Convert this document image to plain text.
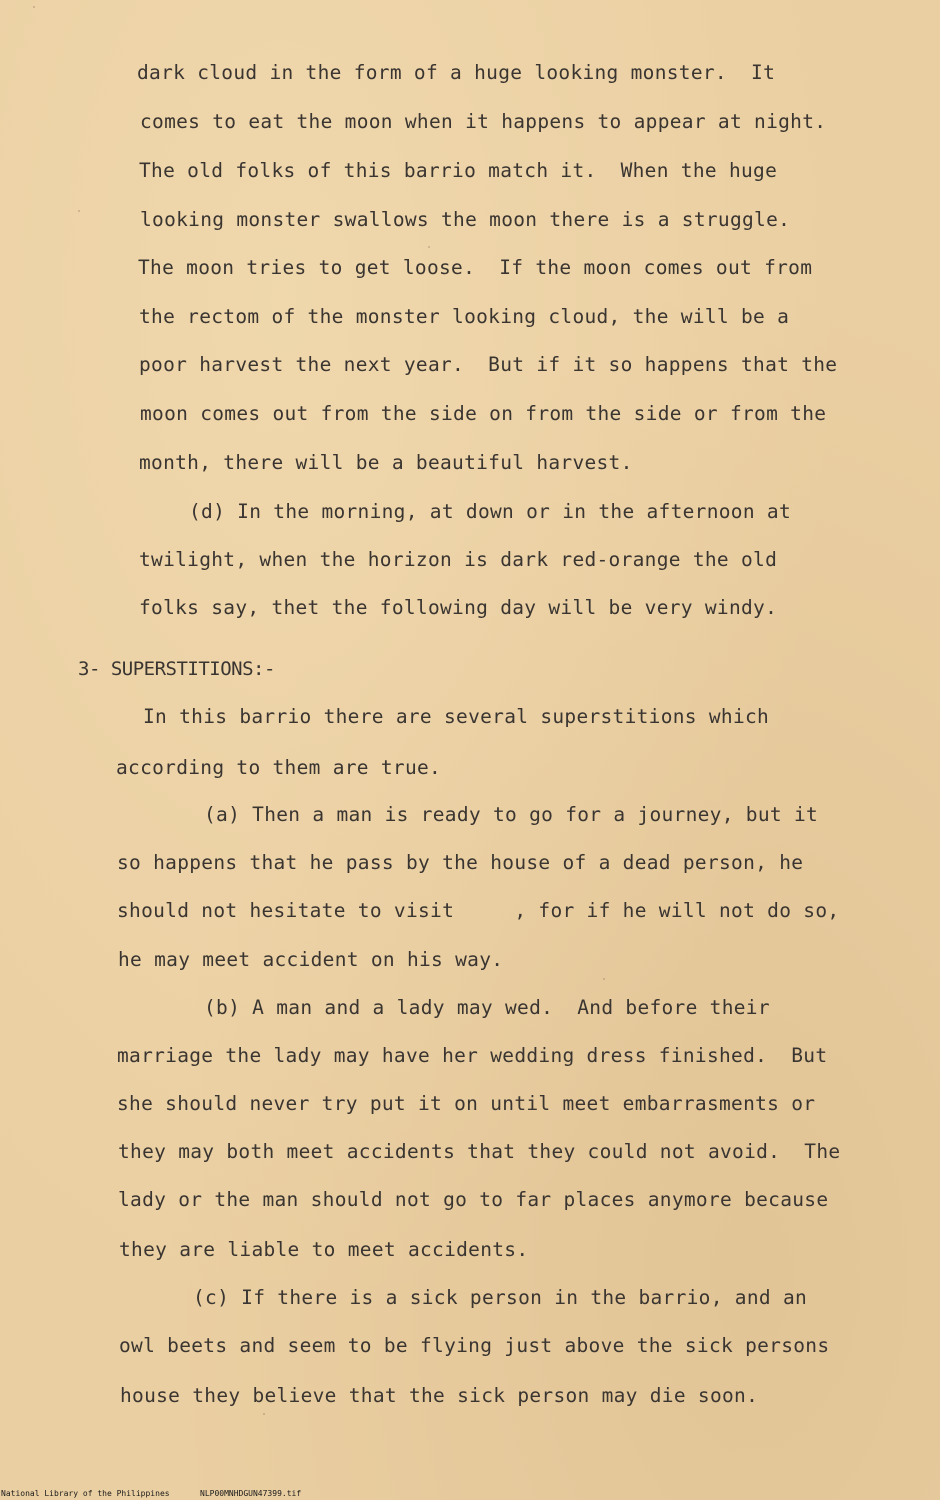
dark cloud in the form of a huge looking monster.  It

comes to eat the moon when it happens to appear at night.

The old folks of this barrio match it.  When the huge

looking monster swallows the moon there is a struggle.

The moon tries to get loose.  If the moon comes out from

the rectom of the monster looking cloud, the will be a

poor harvest the next year.  But if it so happens that the

moon comes out from the side on from the side or from the

month, there will be a beautiful harvest.

(d) In the morning, at down or in the afternoon at

twilight, when the horizon is dark red-orange the old

folks say, thet the following day will be very windy.

3- SUPERSTITIONS:-

In this barrio there are several superstitions which

according to them are true.

(a) Then a man is ready to go for a journey, but it

so happens that he pass by the house of a dead person, he

should not hesitate to visit     , for if he will not do so,

he may meet accident on his way.

(b) A man and a lady may wed.  And before their

marriage the lady may have her wedding dress finished.  But

she should never try put it on until meet embarrasments or

they may both meet accidents that they could not avoid.  The

lady or the man should not go to far places anymore because

they are liable to meet accidents.

(c) If there is a sick person in the barrio, and an

owl beets and seem to be flying just above the sick persons

house they believe that the sick person may die soon.

National Library of the Philippines

	NLP00MNHDGUN47399.tif
